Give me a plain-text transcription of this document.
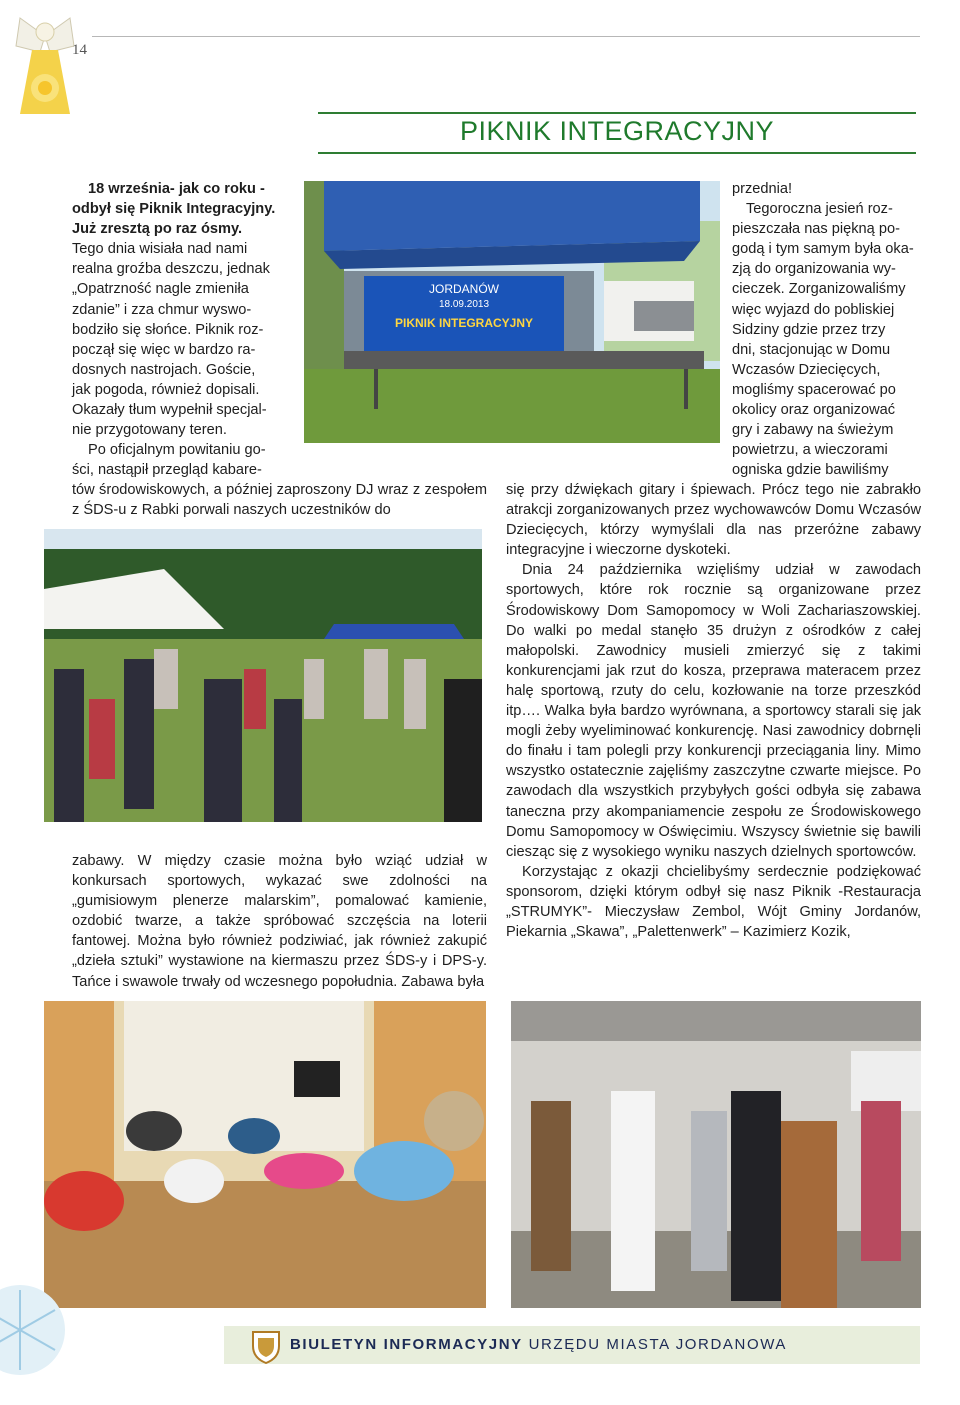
14
PIKNIK INTEGRACYJNY
18 września- jak co roku -
odbył się Piknik Integracyjny.
Już zresztą po raz ósmy.
Tego dnia wisiała nad nami
realna groźba deszczu, jednak
„Opatrzność nagle zmieniła
zdanie” i zza chmur wyswo-
bodziło się słońce. Piknik roz-
począł się więc w bardzo ra-
dosnych nastrojach. Goście,
jak pogoda, również dopisali.
Okazały tłum wypełnił specjal-
nie przygotowany teren.
Po oficjalnym powitaniu go-
ści, nastąpił przegląd kabare-
tów środowiskowych, a później zaproszony DJ wraz z zespołem z ŚDS-u z Rabki porwali naszych uczestników do
JORDANÓW
18.09.2013
PIKNIK INTEGRACYJNY
zabawy. W między czasie można było wziąć udział w konkursach sportowych, wykazać swe zdolności na „gumisiowym plenerze malarskim”, pomalować kamienie, ozdobić twarze, a także spróbować szczęścia na loterii fantowej. Można było również podziwiać, jak również zakupić „dzieła sztuki” wystawione na kiermaszu przez ŚDS-y i DPS-y. Tańce i swawole trwały od wczesnego popołudnia. Zabawa była
przednia!
Tegoroczna jesień roz-
pieszczała nas piękną po-
godą i tym samym była oka-
zją do organizowania wy-
cieczek. Zorganizowaliśmy
więc wyjazd do pobliskiej
Sidziny gdzie przez trzy
dni, stacjonując w Domu
Wczasów Dziecięcych,
mogliśmy spacerować po
okolicy oraz organizować
gry i zabawy na świeżym
powietrzu, a wieczorami
ogniska gdzie bawiliśmy

się przy dźwiękach gitary i śpiewach. Prócz tego nie zabrakło atrakcji zorganizowanych przez wychowawców Domu Wczasów Dziecięcych, którzy wymyślali dla nas przeróżne zabawy integracyjne i wieczorne dyskoteki.

Dnia 24 października wzięliśmy udział w zawodach sportowych, które rok rocznie są organizowane przez Środowiskowy Dom Samopomocy w Woli Zachariaszowskiej. Do walki po medal stanęło 35 drużyn z ośrodków z całej małopolski. Zawodnicy musieli zmierzyć się z takimi konkurencjami jak rzut do kosza, przeprawa materacem przez halę sportową, rzuty do celu, kozłowanie na torze przeszkód itp…. Walka była bardzo wyrównana, a sportowcy starali się jak mogli żeby wyeliminować konkurencję. Nasi zawodnicy dobrnęli do finału i tam polegli przy konkurencji przeciągania liny. Mimo wszystko ostatecznie zajęliśmy zaszczytne czwarte miejsce. Po zawodach dla wszystkich przybyłych gości odbyła się zabawa taneczna przy akompaniamencie zespołu ze Środowiskowego Domu Samopomocy w Oświęcimiu. Wszyscy świetnie się bawili ciesząc się z wysokiego wyniku naszych dzielnych sportowców.

Korzystając z okazji chcielibyśmy serdecznie podziękować sponsorom, dzięki którym odbył się nasz Piknik -Restauracja „STRUMYK”- Mieczysław Zembol, Wójt Gminy Jordanów, Piekarnia „Skawa”, „Palettenwerk” – Kazimierz Kozik,

BIULETYN INFORMACYJNY URZĘDU MIASTA JORDANOWA
